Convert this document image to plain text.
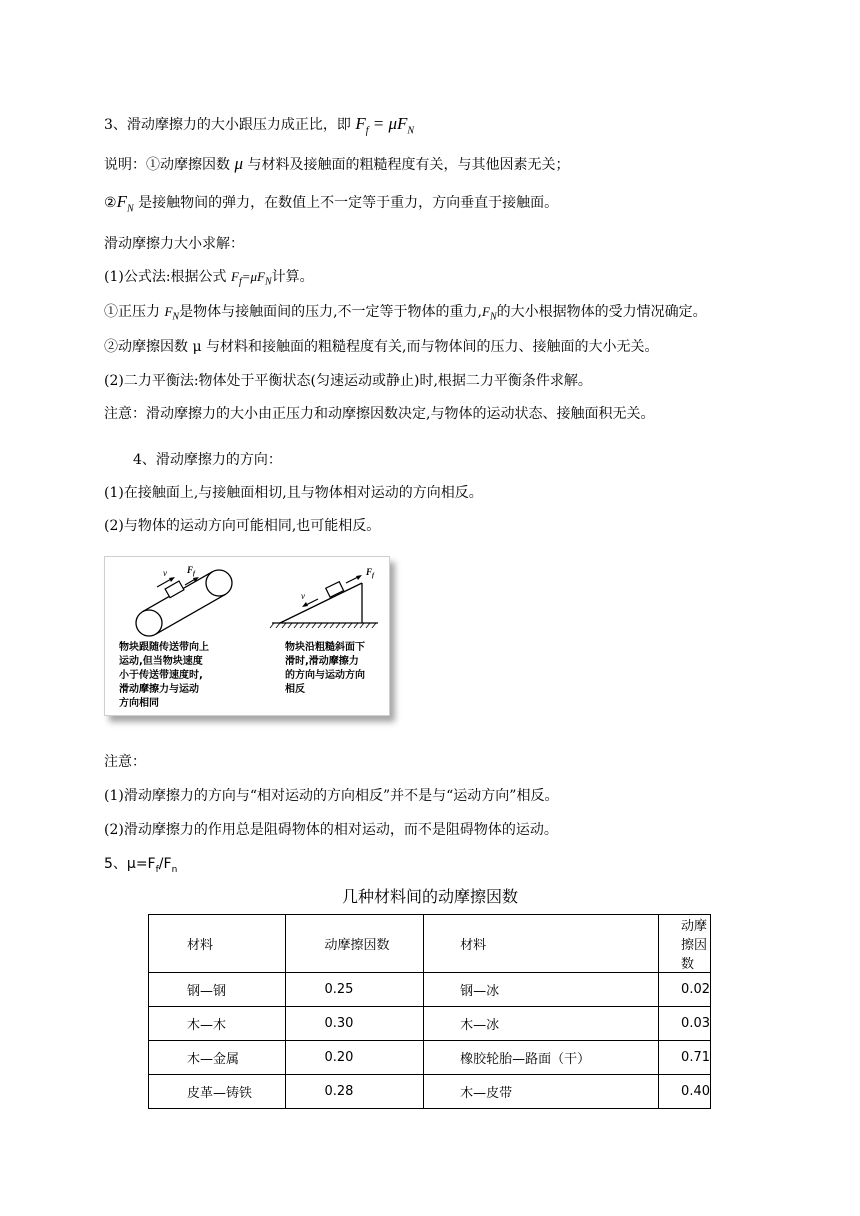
3、滑动摩擦力的大小跟压力成正比，即 $F_f = \mu F_N$
说明：①动摩擦因数 μ 与材料及接触面的粗糙程度有关，与其他因素无关；
$②F_N$ 是接触物间的弹力，在数值上不一定等于重力，方向垂直于接触面。
滑动摩擦力大小求解：
(1)公式法:根据公式 $F_f=\mu F_N$计算。
①正压力 $F_N$是物体与接触面间的压力,不一定等于物体的重力$,F_N$的大小根据物体的受力情况确定。
②动摩擦因数 μ 与材料和接触面的粗糙程度有关,而与物体间的压力、接触面的大小无关。
(2)二力平衡法:物体处于平衡状态(匀速运动或静止)时,根据二力平衡条件求解。
注意：滑动摩擦力的大小由正压力和动摩擦因数决定,与物体的运动状态、接触面积无关。
4、滑动摩擦力的方向：
(1)在接触面上,与接触面相切,且与物体相对运动的方向相反。
(2)与物体的运动方向可能相同,也可能相反。
v $F_f$
v
$F_f$
物块跟随传送带向上
运动,但当物块速度
小于传送带速度时,
滑动摩擦力与运动
方向相同
物块沿粗糙斜面下
滑时,滑动摩擦力
的方向与运动方向
相反
注意：
(1)滑动摩擦力的方向与“相对运动的方向相反”并不是与“运动方向”相反。
(2)滑动摩擦力的作用总是阻碍物体的相对运动，而不是阻碍物体的运动。
5、$\mu=F_f/F_n$
几种材料间的动摩擦因数
材料	动摩擦因数	材料	动摩擦因数
钢—钢	0.25	钢—冰	0.02
木—木	0.30	木—冰	0.03
木—金属	0.20	橡胶轮胎—路面（干）	0.71
皮革—铸铁	0.28	木—皮带	0.40
